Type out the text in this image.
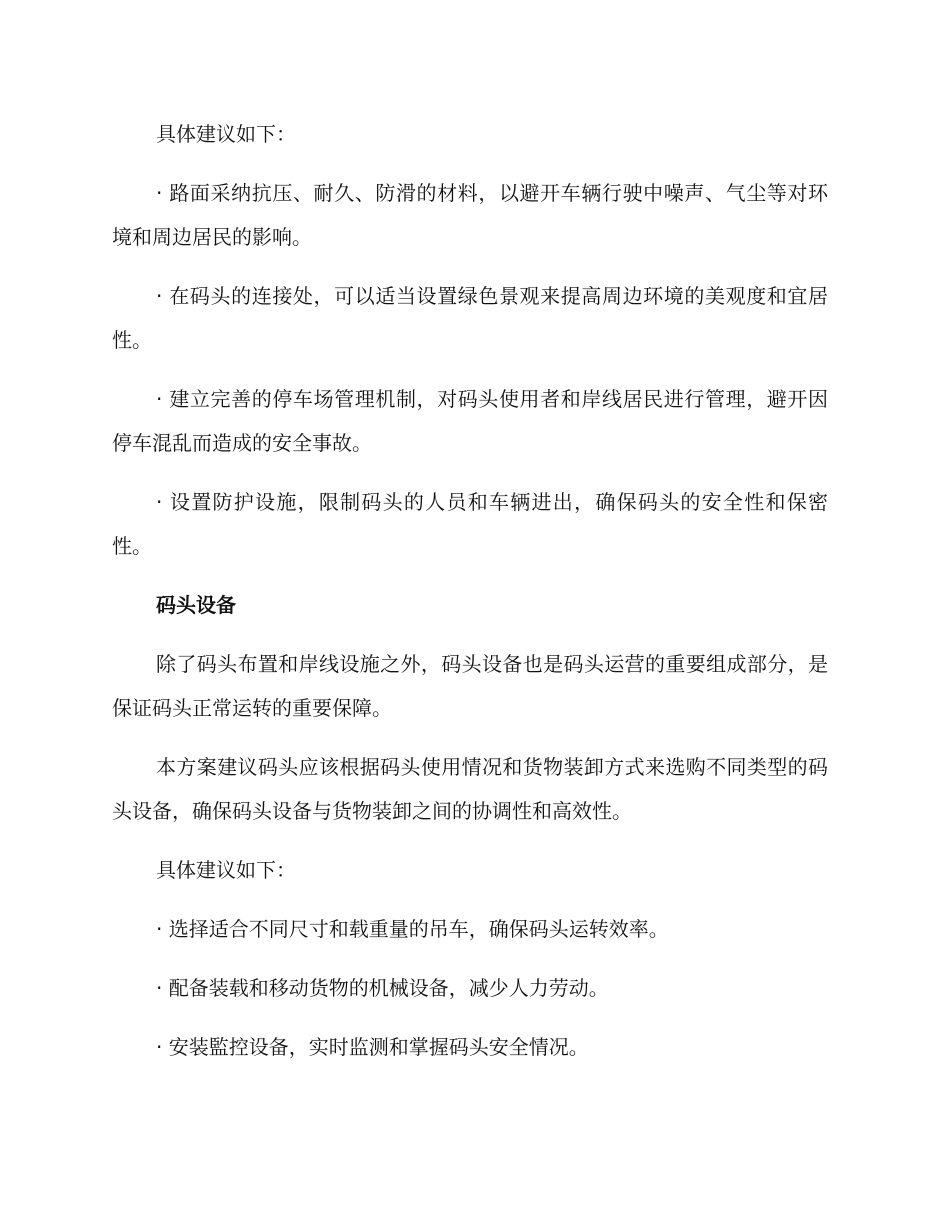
具体建议如下：

· 路面采纳抗压、耐久、防滑的材料，以避开车辆行驶中噪声、气尘等对环境和周边居民的影响。

· 在码头的连接处，可以适当设置绿色景观来提高周边环境的美观度和宜居性。

· 建立完善的停车场管理机制，对码头使用者和岸线居民进行管理，避开因停车混乱而造成的安全事故。

· 设置防护设施，限制码头的人员和车辆进出，确保码头的安全性和保密性。

码头设备

除了码头布置和岸线设施之外，码头设备也是码头运营的重要组成部分，是保证码头正常运转的重要保障。

本方案建议码头应该根据码头使用情况和货物装卸方式来选购不同类型的码头设备，确保码头设备与货物装卸之间的协调性和高效性。

具体建议如下：

· 选择适合不同尺寸和载重量的吊车，确保码头运转效率。

· 配备装载和移动货物的机械设备，减少人力劳动。

· 安装監控设备，实时监测和掌握码头安全情况。
